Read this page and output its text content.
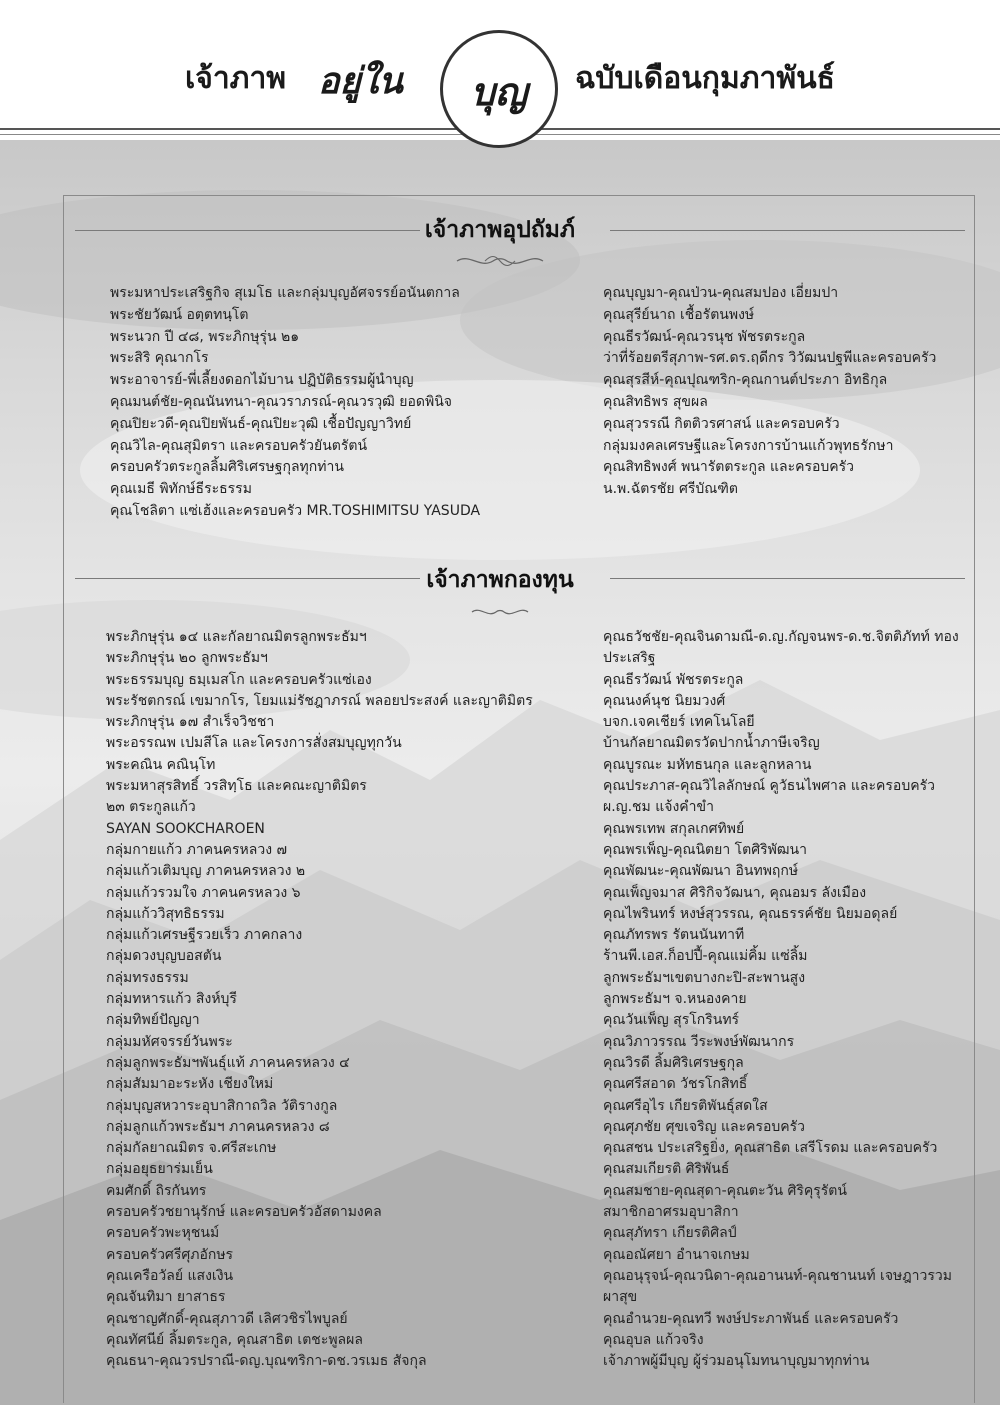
เจ้าภาพ อยู่ใน	ฉบับเดือนกุมภาพันธ์
บุญ
เจ้าภาพอุปถัมภ์
พระมหาประเสริฐกิจ สุเมโธ และกลุ่มบุญอัศจรรย์อนันตกาล
พระชัยวัฒน์ อตฺตทนฺโต
พระนวก ปี ๔๘, พระภิกษุรุ่น ๒๑
พระสิริ คุณากโร
พระอาจารย์-พี่เลี้ยงดอกไม้บาน ปฏิบัติธรรมผู้นำบุญ
คุณมนต์ชัย-คุณนันทนา-คุณวราภรณ์-คุณวรวุฒิ ยอดพินิจ
คุณปิยะวดี-คุณปิยพันธ์-คุณปิยะวุฒิ เชื้อปัญญาวิทย์
คุณวิไล-คุณสุมิตรา และครอบครัวยันตรัตน์
ครอบครัวตระกูลลิ้มศิริเศรษฐกุลทุกท่าน
คุณเมธี พิทักษ์ธีระธรรม
คุณโชลิตา แซ่เฮ้งและครอบครัว MR.TOSHIMITSU YASUDA
คุณบุญมา-คุณป่วน-คุณสมปอง เอี่ยมปา
คุณสุรีย์นาถ เชื้อรัตนพงษ์
คุณธีรวัฒน์-คุณวรนุช พัชรตระกูล
ว่าที่ร้อยตรีสุภาพ-รศ.ดร.ฤดีกร วิวัฒนปฐพีและครอบครัว
คุณสุรสีห์-คุณปุณฑริก-คุณกานต์ประภา อิทธิกุล
คุณสิทธิพร สุขผล
คุณสุวรรณี กิตติวรศาสน์ และครอบครัว
กลุ่มมงคลเศรษฐีและโครงการบ้านแก้วพุทธรักษา
คุณสิทธิพงศ์ พนารัตตระกูล และครอบครัว
น.พ.ฉัตรชัย ศรีบัณฑิต
เจ้าภาพกองทุน
พระภิกษุรุ่น ๑๔ และกัลยาณมิตรลูกพระธัมฯ
พระภิกษุรุ่น ๒๐ ลูกพระธัมฯ
พระธรรมบุญ ธมฺเมสโก และครอบครัวแซ่เอง
พระรัชตกรณ์ เขมากโร, โยมแม่รัชฎาภรณ์ พลอยประสงค์ และญาติมิตร
พระภิกษุรุ่น ๑๗ สำเร็จวิชชา
พระอรรณพ เปมสีโล และโครงการสั่งสมบุญทุกวัน
พระคณิน คณินฺโท
พระมหาสุรสิทธิ์ วรสิทฺโธ และคณะญาติมิตร
๒๓ ตระกูลแก้ว
SAYAN SOOKCHAROEN
กลุ่มกายแก้ว ภาคนครหลวง ๗
กลุ่มแก้วเติมบุญ ภาคนครหลวง ๒
กลุ่มแก้วรวมใจ ภาคนครหลวง ๖
กลุ่มแก้ววิสุทธิธรรม
กลุ่มแก้วเศรษฐีรวยเร็ว ภาคกลาง
กลุ่มดวงบุญบอสตัน
กลุ่มทรงธรรม
กลุ่มทหารแก้ว สิงห์บุรี
กลุ่มทิพย์ปัญญา
กลุ่มมหัศจรรย์วันพระ
กลุ่มลูกพระธัมฯพันธุ์แท้ ภาคนครหลวง ๔
กลุ่มสัมมาอะระหัง เชียงใหม่
กลุ่มบุญสหวาระอุบาสิกาถวิล วัติรางกูล
กลุ่มลูกแก้วพระธัมฯ ภาคนครหลวง ๘
กลุ่มกัลยาณมิตร จ.ศรีสะเกษ
กลุ่มอยุธยาร่มเย็น
คมศักดิ์ ถิรกันทร
ครอบครัวชยานุรักษ์ และครอบครัวอัสดามงคล
ครอบครัวพะหุชนม์
ครอบครัวศรีศุภอักษร
คุณเครือวัลย์ แสงเงิน
คุณจันทิมา ยาสาธร
คุณชาญศักดิ์-คุณสุภาวดี เลิศวชิรไพบูลย์
คุณทัศนีย์ ลิ้มตระกูล, คุณสาธิต เตชะพูลผล
คุณธนา-คุณวรปราณี-ดญ.บุณฑริกา-ดช.วรเมธ สัจกุล
คุณธวัชชัย-คุณจินดามณี-ด.ญ.กัญจนพร-ด.ช.จิตติภัทท์ ทอง ประเสริฐ
คุณธีรวัฒน์ พัชรตระกูล
คุณนงค์นุช นิยมวงศ์
บจก.เจคเชียร์ เทคโนโลยี
บ้านกัลยาณมิตรวัดปากน้ำภาษีเจริญ
คุณบูรณะ มหัทธนกุล และลูกหลาน
คุณประภาส-คุณวิไลลักษณ์ คูวัธนไพศาล และครอบครัว
ผ.ญ.ชม แจ้งคำขำ
คุณพรเทพ สกุลเกศทิพย์
คุณพรเพ็ญ-คุณนิตยา โตศิริพัฒนา
คุณพัฒนะ-คุณพัฒนา อินทพฤกษ์
คุณเพ็ญจมาส ศิริกิจวัฒนา, คุณอมร ลังเมือง
คุณไพรินทร์ หงษ์สุวรรณ, คุณธรรค์ชัย นิยมอดุลย์
คุณภัทรพร รัตนนันทาที
ร้านพี.เอส.ก็อปปี้-คุณแม่คิ้ม แซ่ลิ้ม
ลูกพระธัมฯเขตบางกะปิ-สะพานสูง
ลูกพระธัมฯ จ.หนองคาย
คุณวันเพ็ญ สุรโกรินทร์
คุณวิภาวรรณ วีระพงษ์พัฒนากร
คุณวิรดี ลิ้มศิริเศรษฐกุล
คุณศรีสอาด วัชรโกสิทธิ์
คุณศรีอุไร เกียรติพันธุ์สดใส
คุณศุภชัย ศุขเจริญ และครอบครัว
คุณสชน ประเสริฐยิ่ง, คุณสาธิต เสรีโรดม และครอบครัว
คุณสมเกียรติ ศิริพันธ์
คุณสมชาย-คุณสุดา-คุณตะวัน ศิริคุรุรัตน์
สมาชิกอาศรมอุบาสิกา
คุณสุภัทรา เกียรติศิลป์
คุณอณัศยา อำนาจเกษม
คุณอนุรุจน์-คุณวนิดา-คุณอานนท์-คุณชานนท์ เจษฎาวรวมผาสุข
คุณอำนวย-คุณทวี พงษ์ประภาพันธ์ และครอบครัว
คุณอุบล แก้วจริง
เจ้าภาพผู้มีบุญ ผู้ร่วมอนุโมทนาบุญมาทุกท่าน
